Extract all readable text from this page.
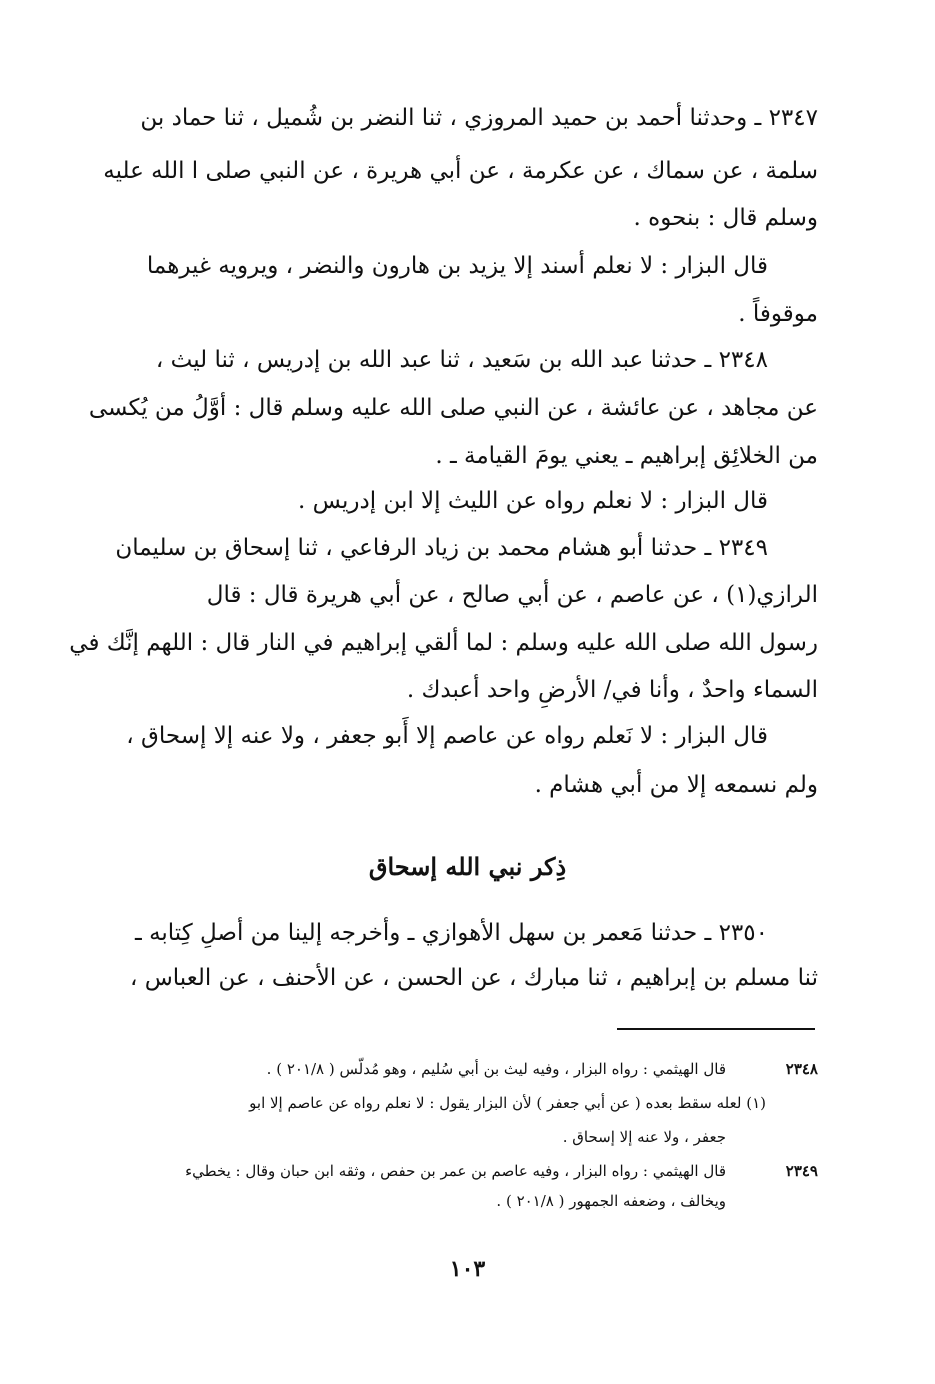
٢٣٤٧ ـ وحدثنا أحمد بن حميد المروزي ، ثنا النضر بن شُميل ، ثنا حماد بن
سلمة ، عن سماك ، عن عكرمة ، عن أبي هريرة ، عن النبي صلى ا الله عليه
وسلم قال : بنحوه .
قال البزار : لا نعلم أسند إلا يزيد بن هارون والنضر ، ويرويه غيرهما
موقوفاً .
٢٣٤٨ ـ حدثنا عبد الله بن سَعيد ، ثنا عبد الله بن إدريس ، ثنا ليث ،
عن مجاهد ، عن عائشة ، عن النبي صلى الله عليه وسلم قال : أوَّلُ من يُكسى
من الخلائِق إبراهيم ـ يعني يومَ القيامة ـ .
قال البزار : لا نعلم رواه عن الليث إلا ابن إدريس .
٢٣٤٩ ـ حدثنا أبو هشام محمد بن زياد الرفاعي ، ثنا إسحاق بن سليمان
الرازي(١) ، عن عاصم ، عن أبي صالح ، عن أبي هريرة قال : قال
رسول الله صلى الله عليه وسلم : لما ألقي إبراهيم في النار قال : اللهم إنَّك في
السماء واحدٌ ، وأنا في/ الأرضِ واحد أعبدك .
قال البزار : لا نَعلم رواه عن عاصم إلا أَبو جعفر ، ولا عنه إلا إسحاق ،
ولم نسمعه إلا من أبي هشام .
ذِكر نبي الله إسحاق
٢٣٥٠ ـ حدثنا مَعمر بن سهل الأهوازي ـ وأخرجه إلينا من أصلِ كِتابه ـ
ثنا مسلم بن إبراهيم ، ثنا مبارك ، عن الحسن ، عن الأحنف ، عن العباس ،
٢٣٤٨
قال الهيثمي : رواه البزار ، وفيه ليث بن أبي سُليم ، وهو مُدلّس ( ٢٠١/٨ ) .
(١) لعله سقط بعده ( عن أبي جعفر ) لأن البزار يقول : لا نعلم رواه عن عاصم إلا ابو
جعفر ، ولا عنه إلا إسحاق .
٢٣٤٩
قال الهيثمي : رواه البزار ، وفيه عاصم بن عمر بن حفص ، وثقه ابن حبان وقال : يخطيء
ويخالف ، وضعفه الجمهور ( ٢٠١/٨ ) .
١٠٣
